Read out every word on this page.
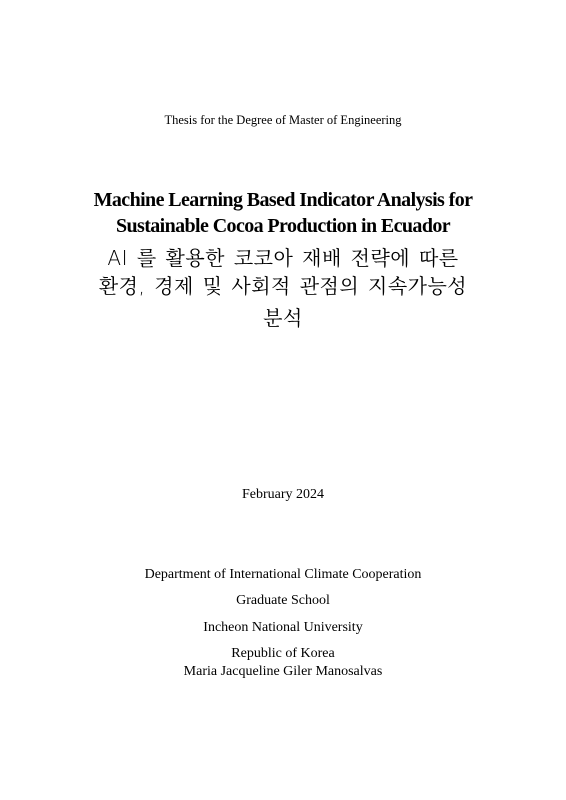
Thesis for the Degree of Master of Engineering
Machine Learning Based Indicator Analysis for
Sustainable Cocoa Production in Ecuador
AI 를 활용한 코코아 재배 전략에 따른
환경, 경제 및 사회적 관점의 지속가능성
분석
February 2024
Department of International Climate Cooperation
Graduate School
Incheon National University
Republic of Korea
Maria Jacqueline Giler Manosalvas
